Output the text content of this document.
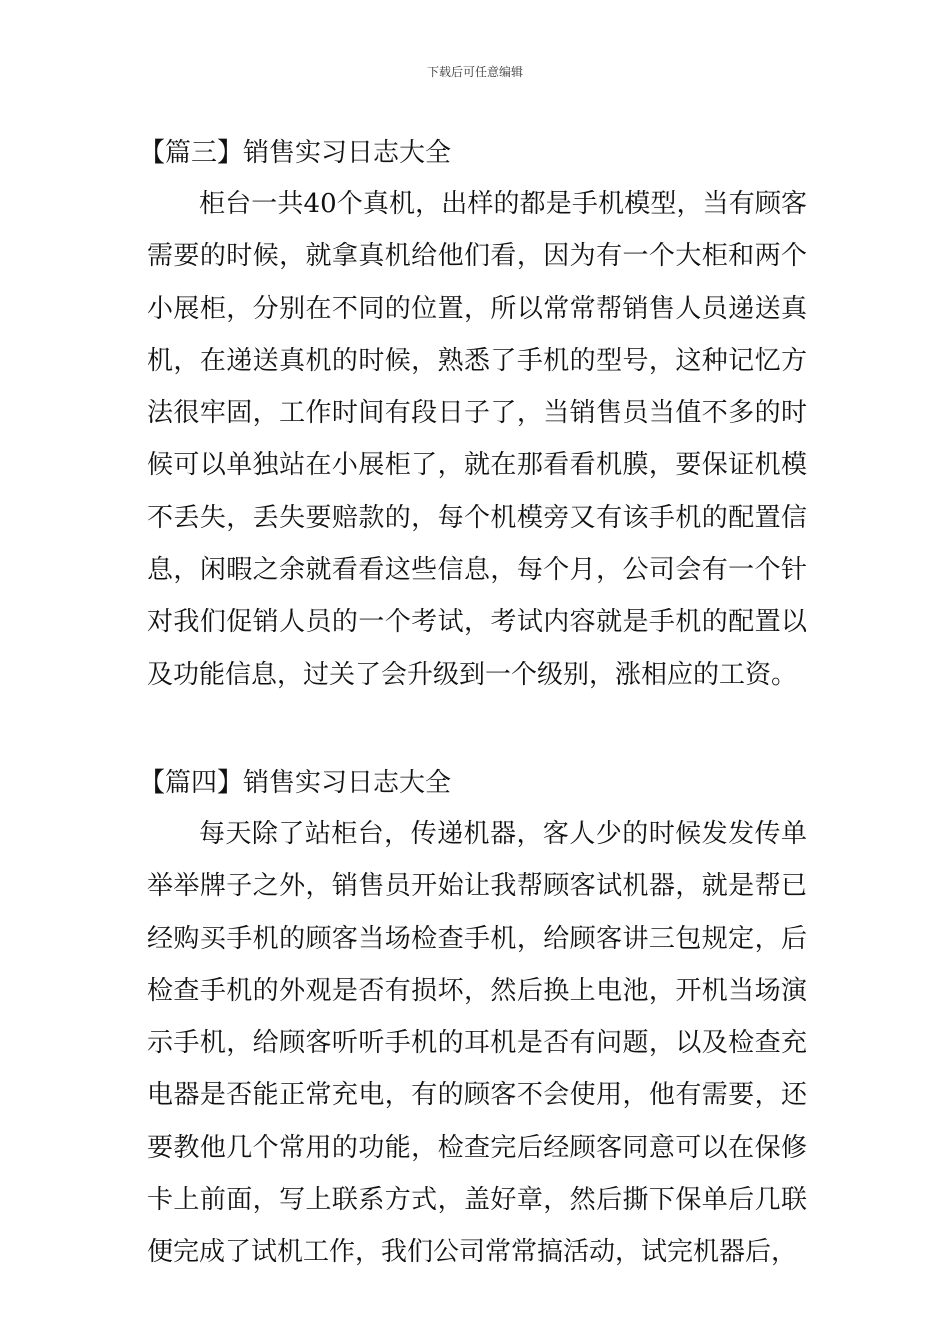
下载后可任意编辑
【篇三】销售实习日志大全

柜台一共40个真机，出样的都是手机模型，当有顾客需要的时候，就拿真机给他们看，因为有一个大柜和两个小展柜，分别在不同的位置，所以常常帮销售人员递送真机，在递送真机的时候，熟悉了手机的型号，这种记忆方法很牢固，工作时间有段日子了，当销售员当值不多的时候可以单独站在小展柜了，就在那看看机膜，要保证机模不丢失，丢失要赔款的，每个机模旁又有该手机的配置信息，闲暇之余就看看这些信息，每个月，公司会有一个针对我们促销人员的一个考试，考试内容就是手机的配置以及功能信息，过关了会升级到一个级别，涨相应的工资。

【篇四】销售实习日志大全

每天除了站柜台，传递机器，客人少的时候发发传单举举牌子之外，销售员开始让我帮顾客试机器，就是帮已经购买手机的顾客当场检查手机，给顾客讲三包规定，后检查手机的外观是否有损坏，然后换上电池，开机当场演示手机，给顾客听听手机的耳机是否有问题，以及检查充电器是否能正常充电，有的顾客不会使用，他有需要，还要教他几个常用的功能，检查完后经顾客同意可以在保修卡上前面，写上联系方式，盖好章，然后撕下保单后几联便完成了试机工作，我们公司常常搞活动，试完机器后，
